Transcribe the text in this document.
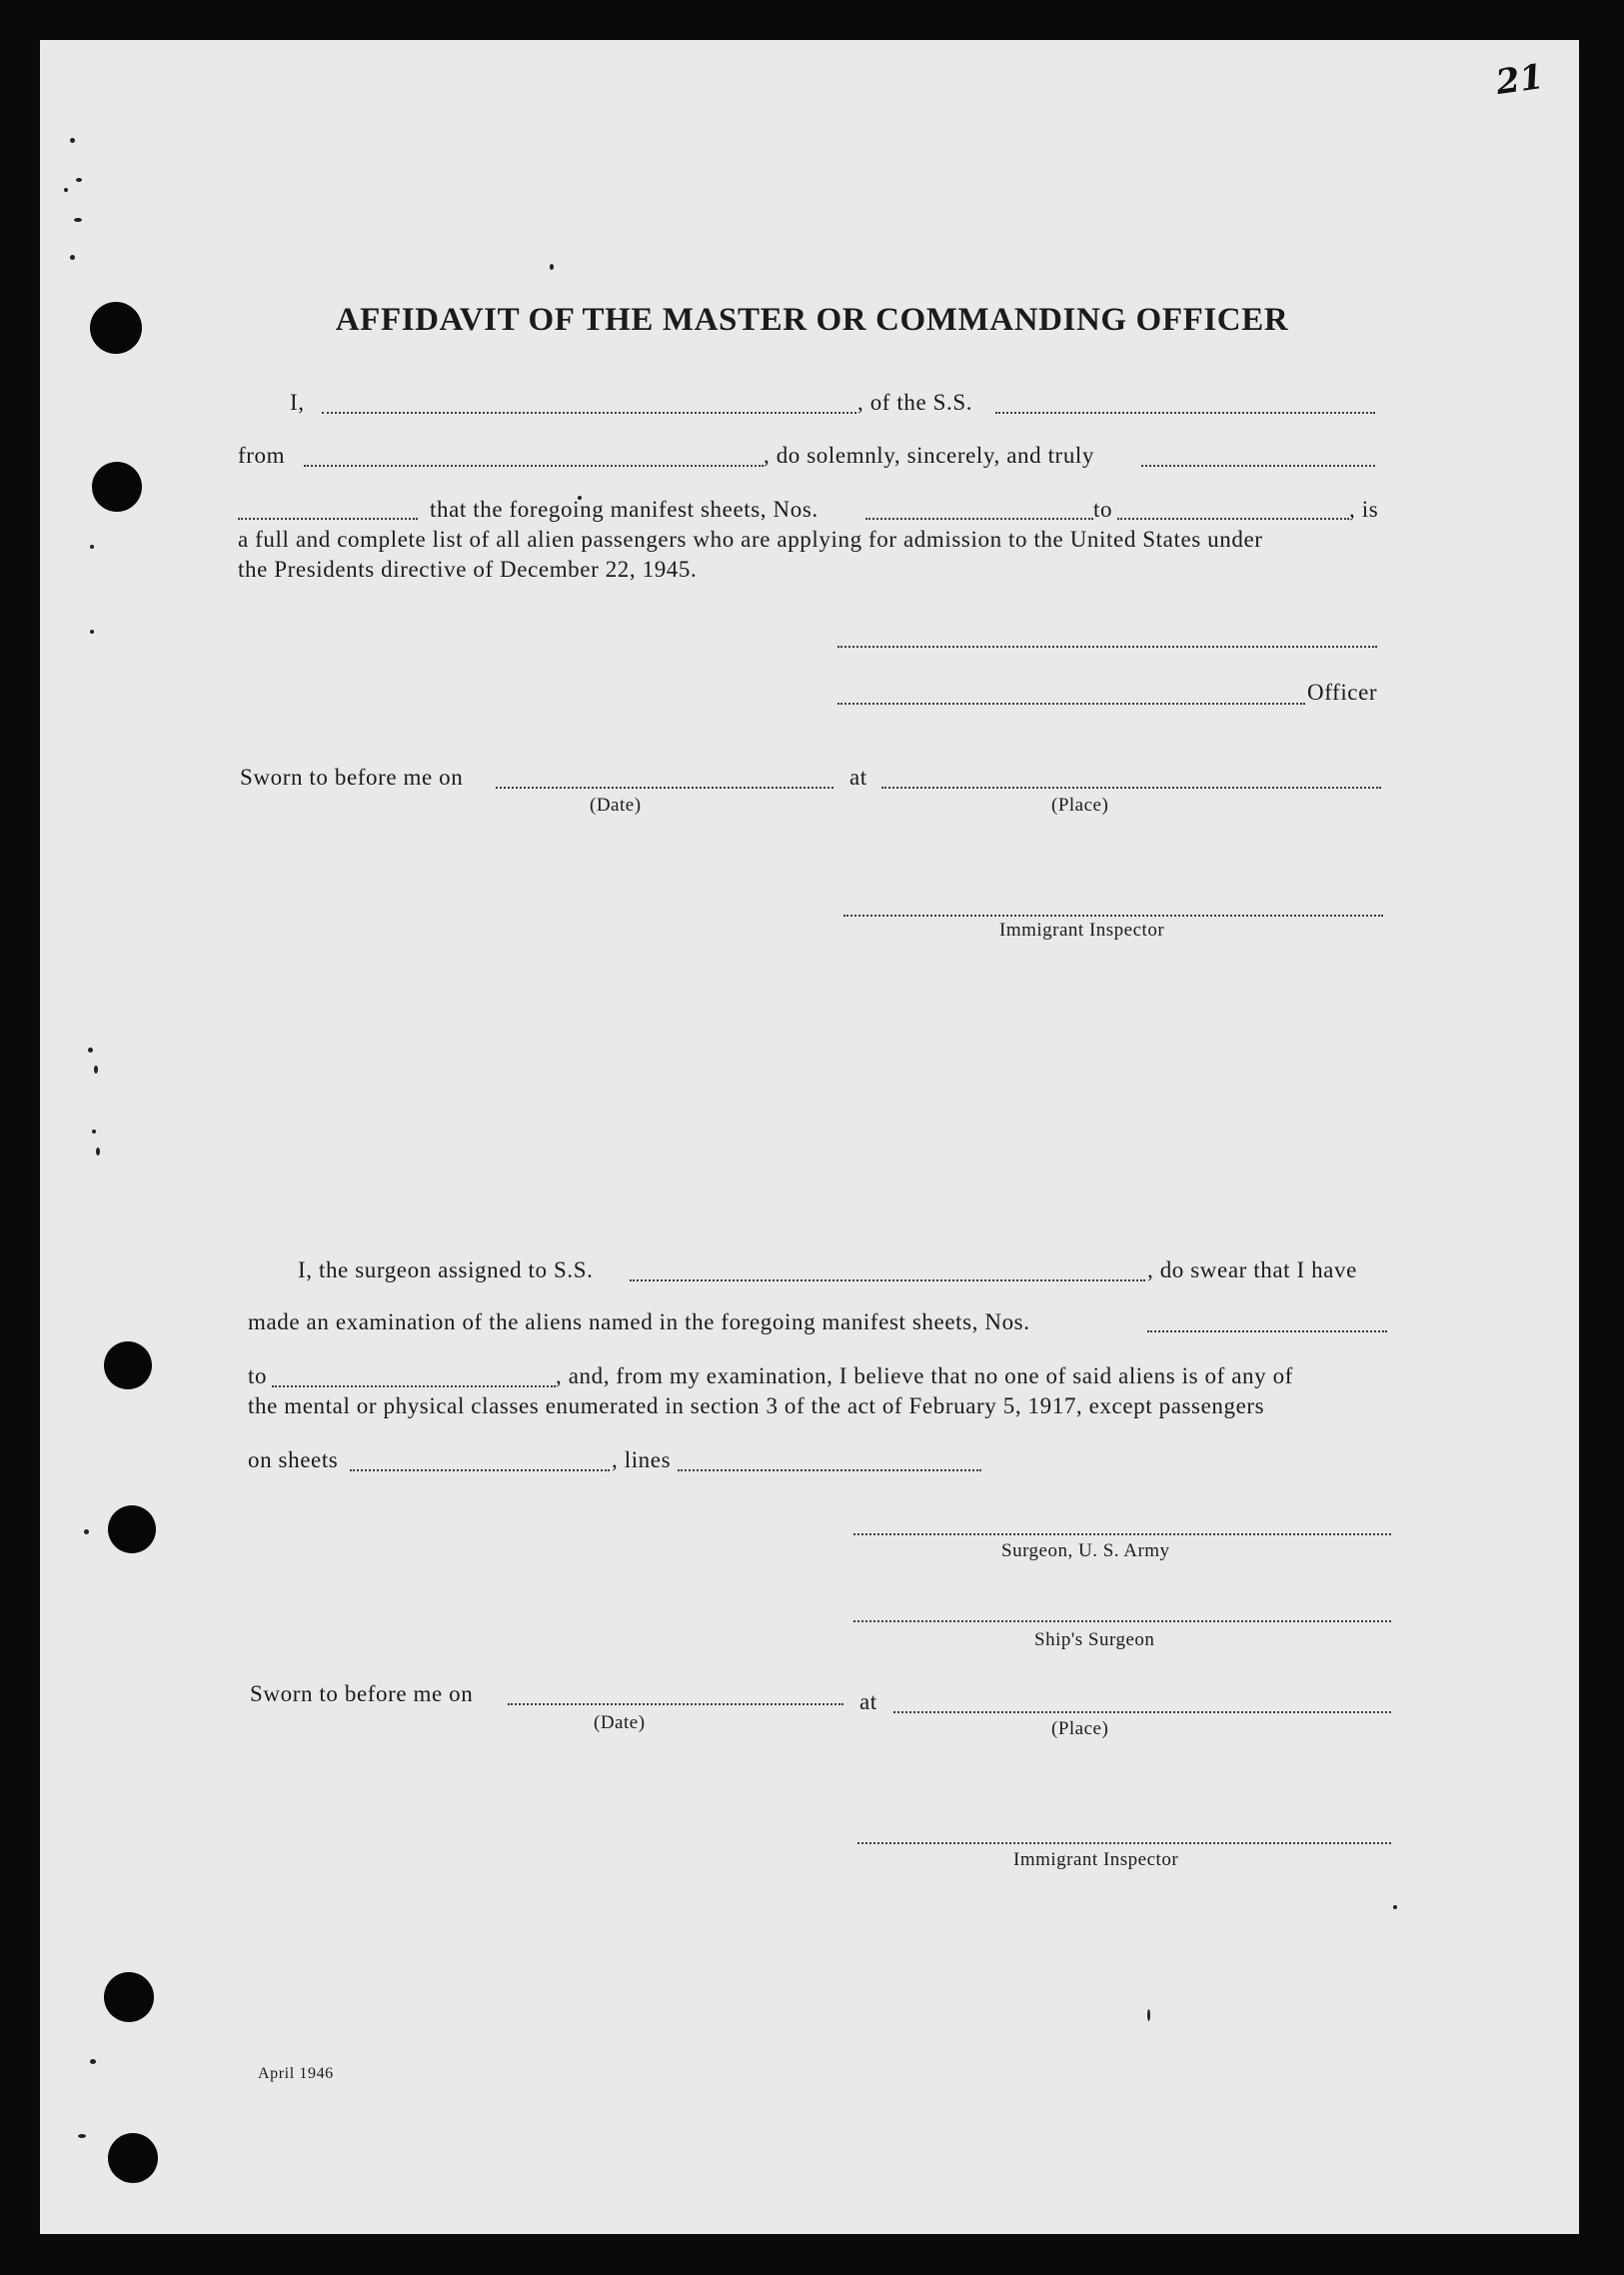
21
AFFIDAVIT OF THE MASTER OR COMMANDING OFFICER
I,	, of the S.S.
from	, do solemnly, sincerely, and truly
that the foregoing manifest sheets, Nos.	to	, is
a full and complete list of all alien passengers who are applying for admission to the United States under
the Presidents directive of December 22, 1945.
Officer
Sworn to before me on	at
(Date)	(Place)
Immigrant Inspector
I, the surgeon assigned to S.S.	, do swear that I have
made an examination of the aliens named in the foregoing manifest sheets, Nos.
to	, and, from my examination, I believe that no one of said aliens is of any of
the mental or physical classes enumerated in section 3 of the act of February 5, 1917, except passengers
on sheets	, lines
Surgeon, U. S. Army
Ship's Surgeon
Sworn to before me on	at
(Date)	(Place)
Immigrant Inspector
April 1946
